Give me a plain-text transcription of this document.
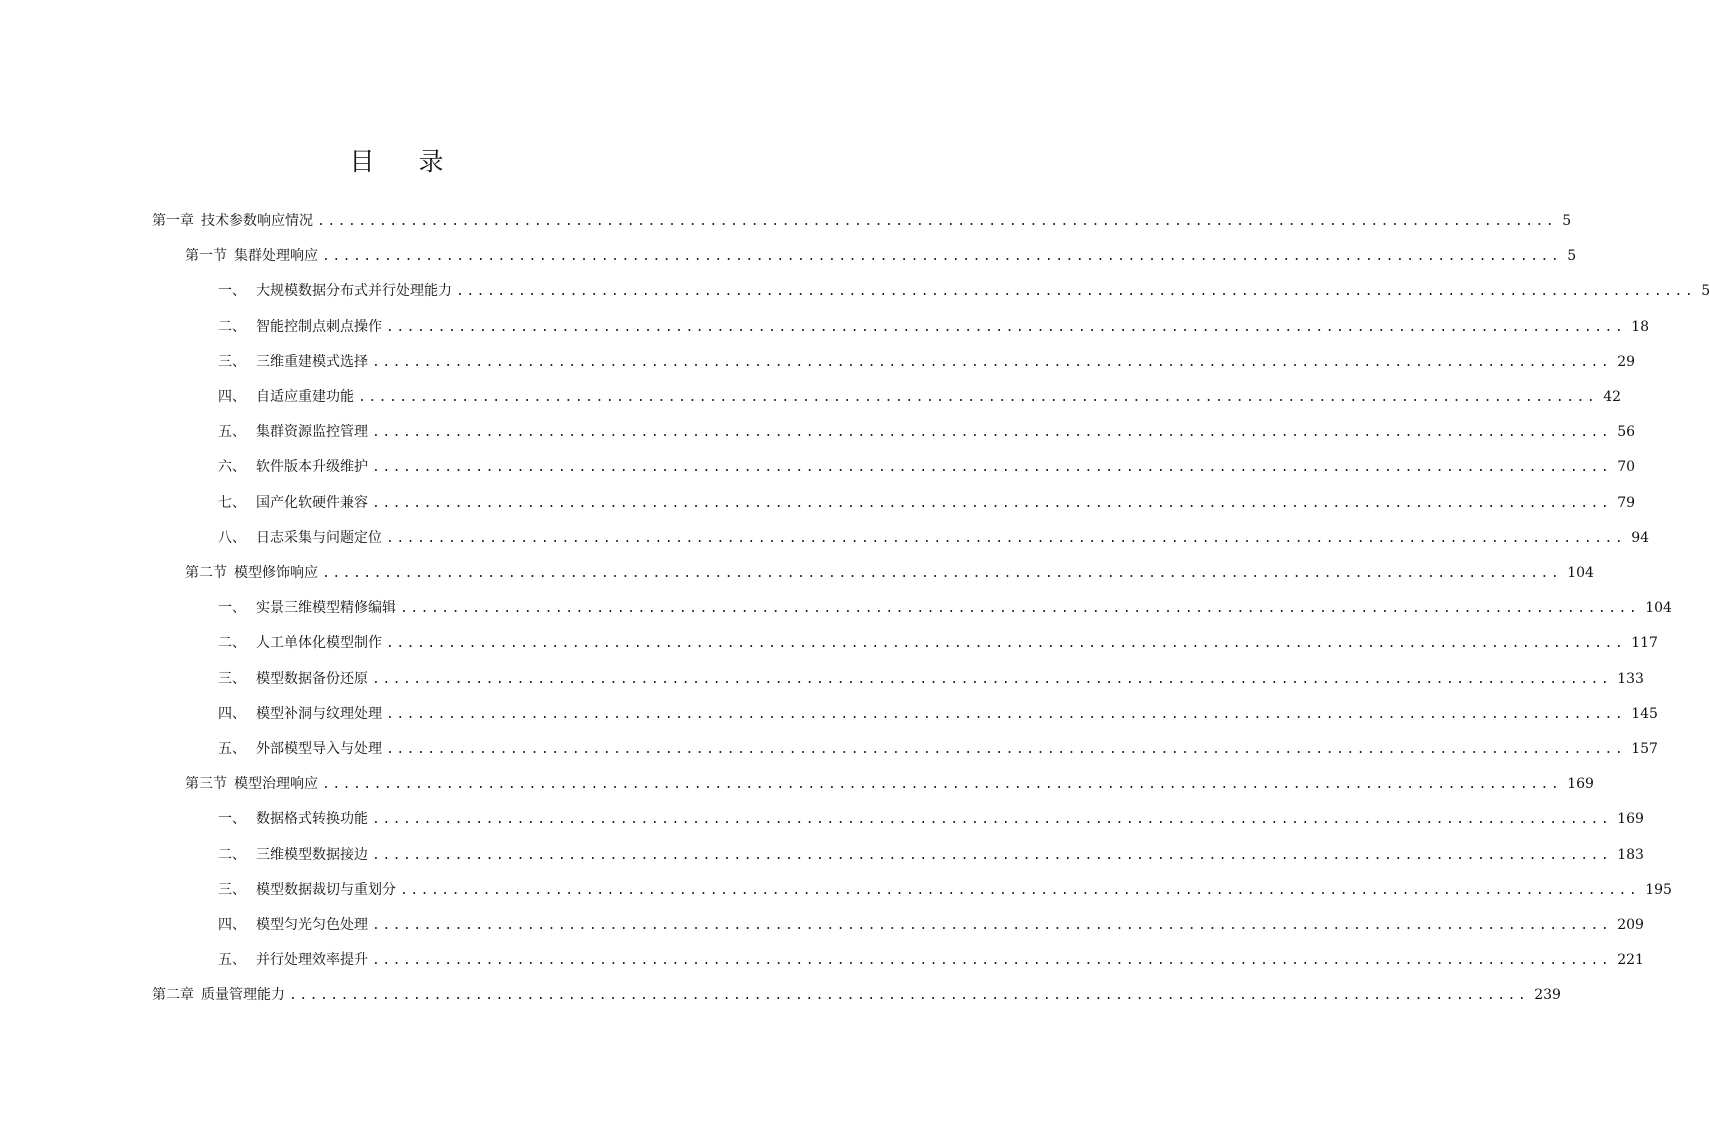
目 录
第一章 技术参数响应情况 ........................................................................................................................ 5
第一节 集群处理响应 ........................................................................................................................ 5
一、 大规模数据分布式并行处理能力 ........................................................................................................................ 5
二、 智能控制点刺点操作 ........................................................................................................................ 18
三、 三维重建模式选择 ........................................................................................................................ 29
四、 自适应重建功能 ........................................................................................................................ 42
五、 集群资源监控管理 ........................................................................................................................ 56
六、 软件版本升级维护 ........................................................................................................................ 70
七、 国产化软硬件兼容 ........................................................................................................................ 79
八、 日志采集与问题定位 ........................................................................................................................ 94
第二节 模型修饰响应 ........................................................................................................................ 104
一、 实景三维模型精修编辑 ........................................................................................................................ 104
二、 人工单体化模型制作 ........................................................................................................................ 117
三、 模型数据备份还原 ........................................................................................................................ 133
四、 模型补洞与纹理处理 ........................................................................................................................ 145
五、 外部模型导入与处理 ........................................................................................................................ 157
第三节 模型治理响应 ........................................................................................................................ 169
一、 数据格式转换功能 ........................................................................................................................ 169
二、 三维模型数据接边 ........................................................................................................................ 183
三、 模型数据裁切与重划分 ........................................................................................................................ 195
四、 模型匀光匀色处理 ........................................................................................................................ 209
五、 并行处理效率提升 ........................................................................................................................ 221
第二章 质量管理能力 ........................................................................................................................ 239
